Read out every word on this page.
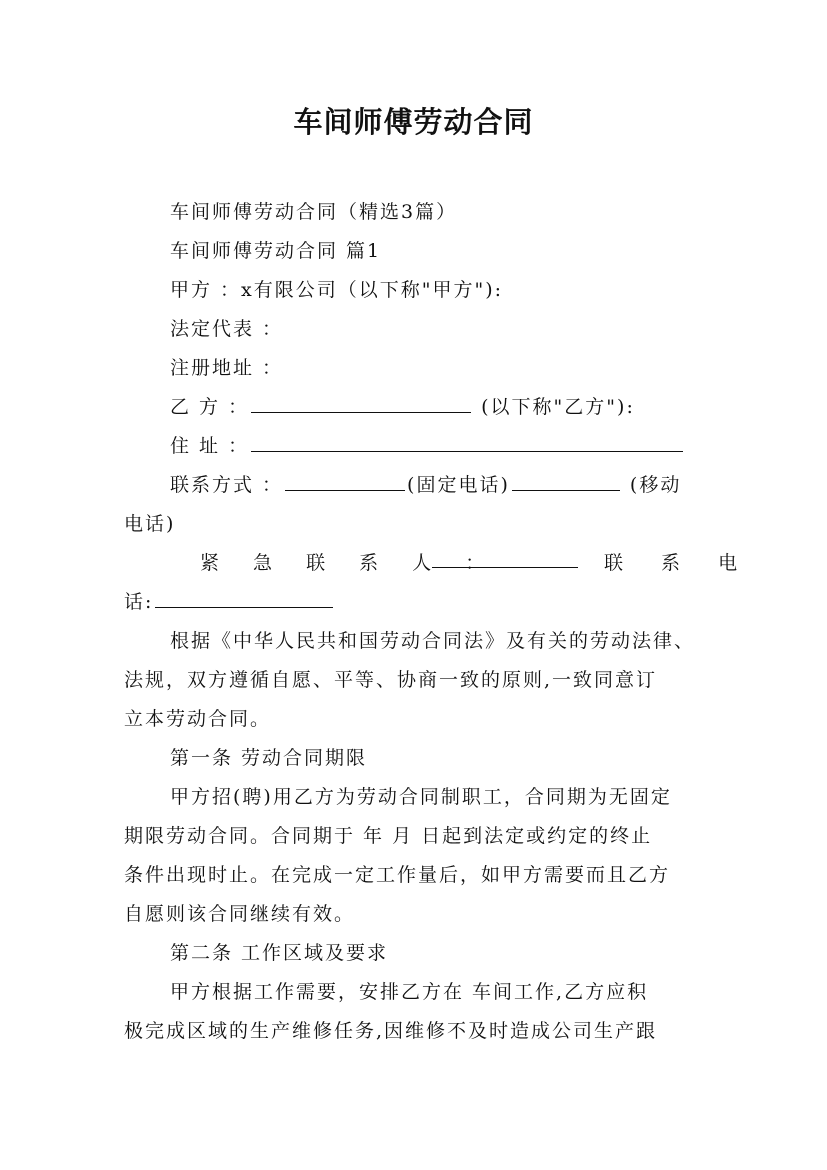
车间师傅劳动合同
车间师傅劳动合同（精选3篇）
车间师傅劳动合同 篇1
甲方 ：x有限公司（以下称"甲方"):
法定代表 ：
注册地址 ：
乙 方 ：	(以下称"乙方"):
住 址 ：
联系方式 ：	(固定电话)	(移动
电话)
紧 急 联 系 人 ：	联 系 电
话:
根据《中华人民共和国劳动合同法》及有关的劳动法律、
法规，双方遵循自愿、平等、协商一致的原则,一致同意订
立本劳动合同。
第一条 劳动合同期限
甲方招(聘)用乙方为劳动合同制职工，合同期为无固定
期限劳动合同。合同期于 年 月 日起到法定或约定的终止
条件出现时止。在完成一定工作量后，如甲方需要而且乙方
自愿则该合同继续有效。
第二条 工作区域及要求
甲方根据工作需要，安排乙方在 车间工作,乙方应积
极完成区域的生产维修任务,因维修不及时造成公司生产跟
